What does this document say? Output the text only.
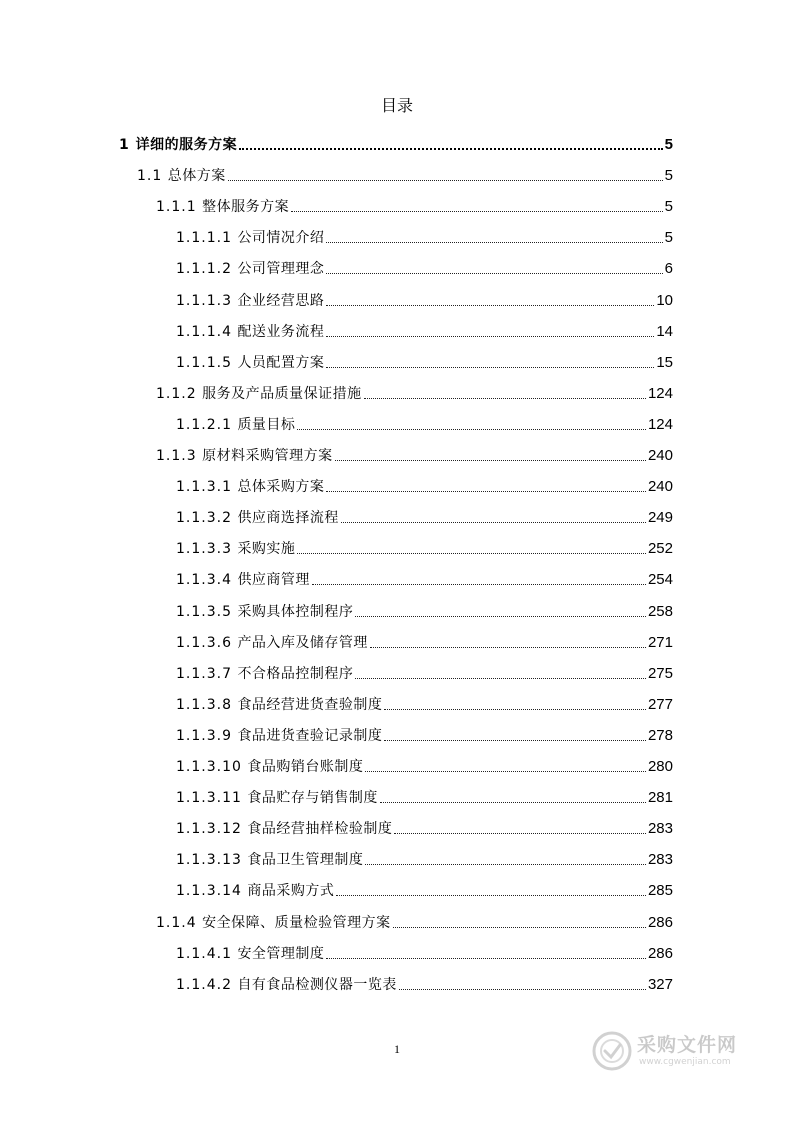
目录
1 详细的服务方案	5
1.1 总体方案	5
1.1.1 整体服务方案	5
1.1.1.1 公司情况介绍	5
1.1.1.2 公司管理理念	6
1.1.1.3 企业经营思路	10
1.1.1.4 配送业务流程	14
1.1.1.5 人员配置方案	15
1.1.2 服务及产品质量保证措施	124
1.1.2.1 质量目标	124
1.1.3 原材料采购管理方案	240
1.1.3.1 总体采购方案	240
1.1.3.2 供应商选择流程	249
1.1.3.3 采购实施	252
1.1.3.4 供应商管理	254
1.1.3.5 采购具体控制程序	258
1.1.3.6 产品入库及储存管理	271
1.1.3.7 不合格品控制程序	275
1.1.3.8 食品经营进货查验制度	277
1.1.3.9 食品进货查验记录制度	278
1.1.3.10 食品购销台账制度	280
1.1.3.11 食品贮存与销售制度	281
1.1.3.12 食品经营抽样检验制度	283
1.1.3.13 食品卫生管理制度	283
1.1.3.14 商品采购方式	285
1.1.4 安全保障、质量检验管理方案	286
1.1.4.1 安全管理制度	286
1.1.4.2 自有食品检测仪器一览表	327
1	采购文件网
www.cgwenjian.com
